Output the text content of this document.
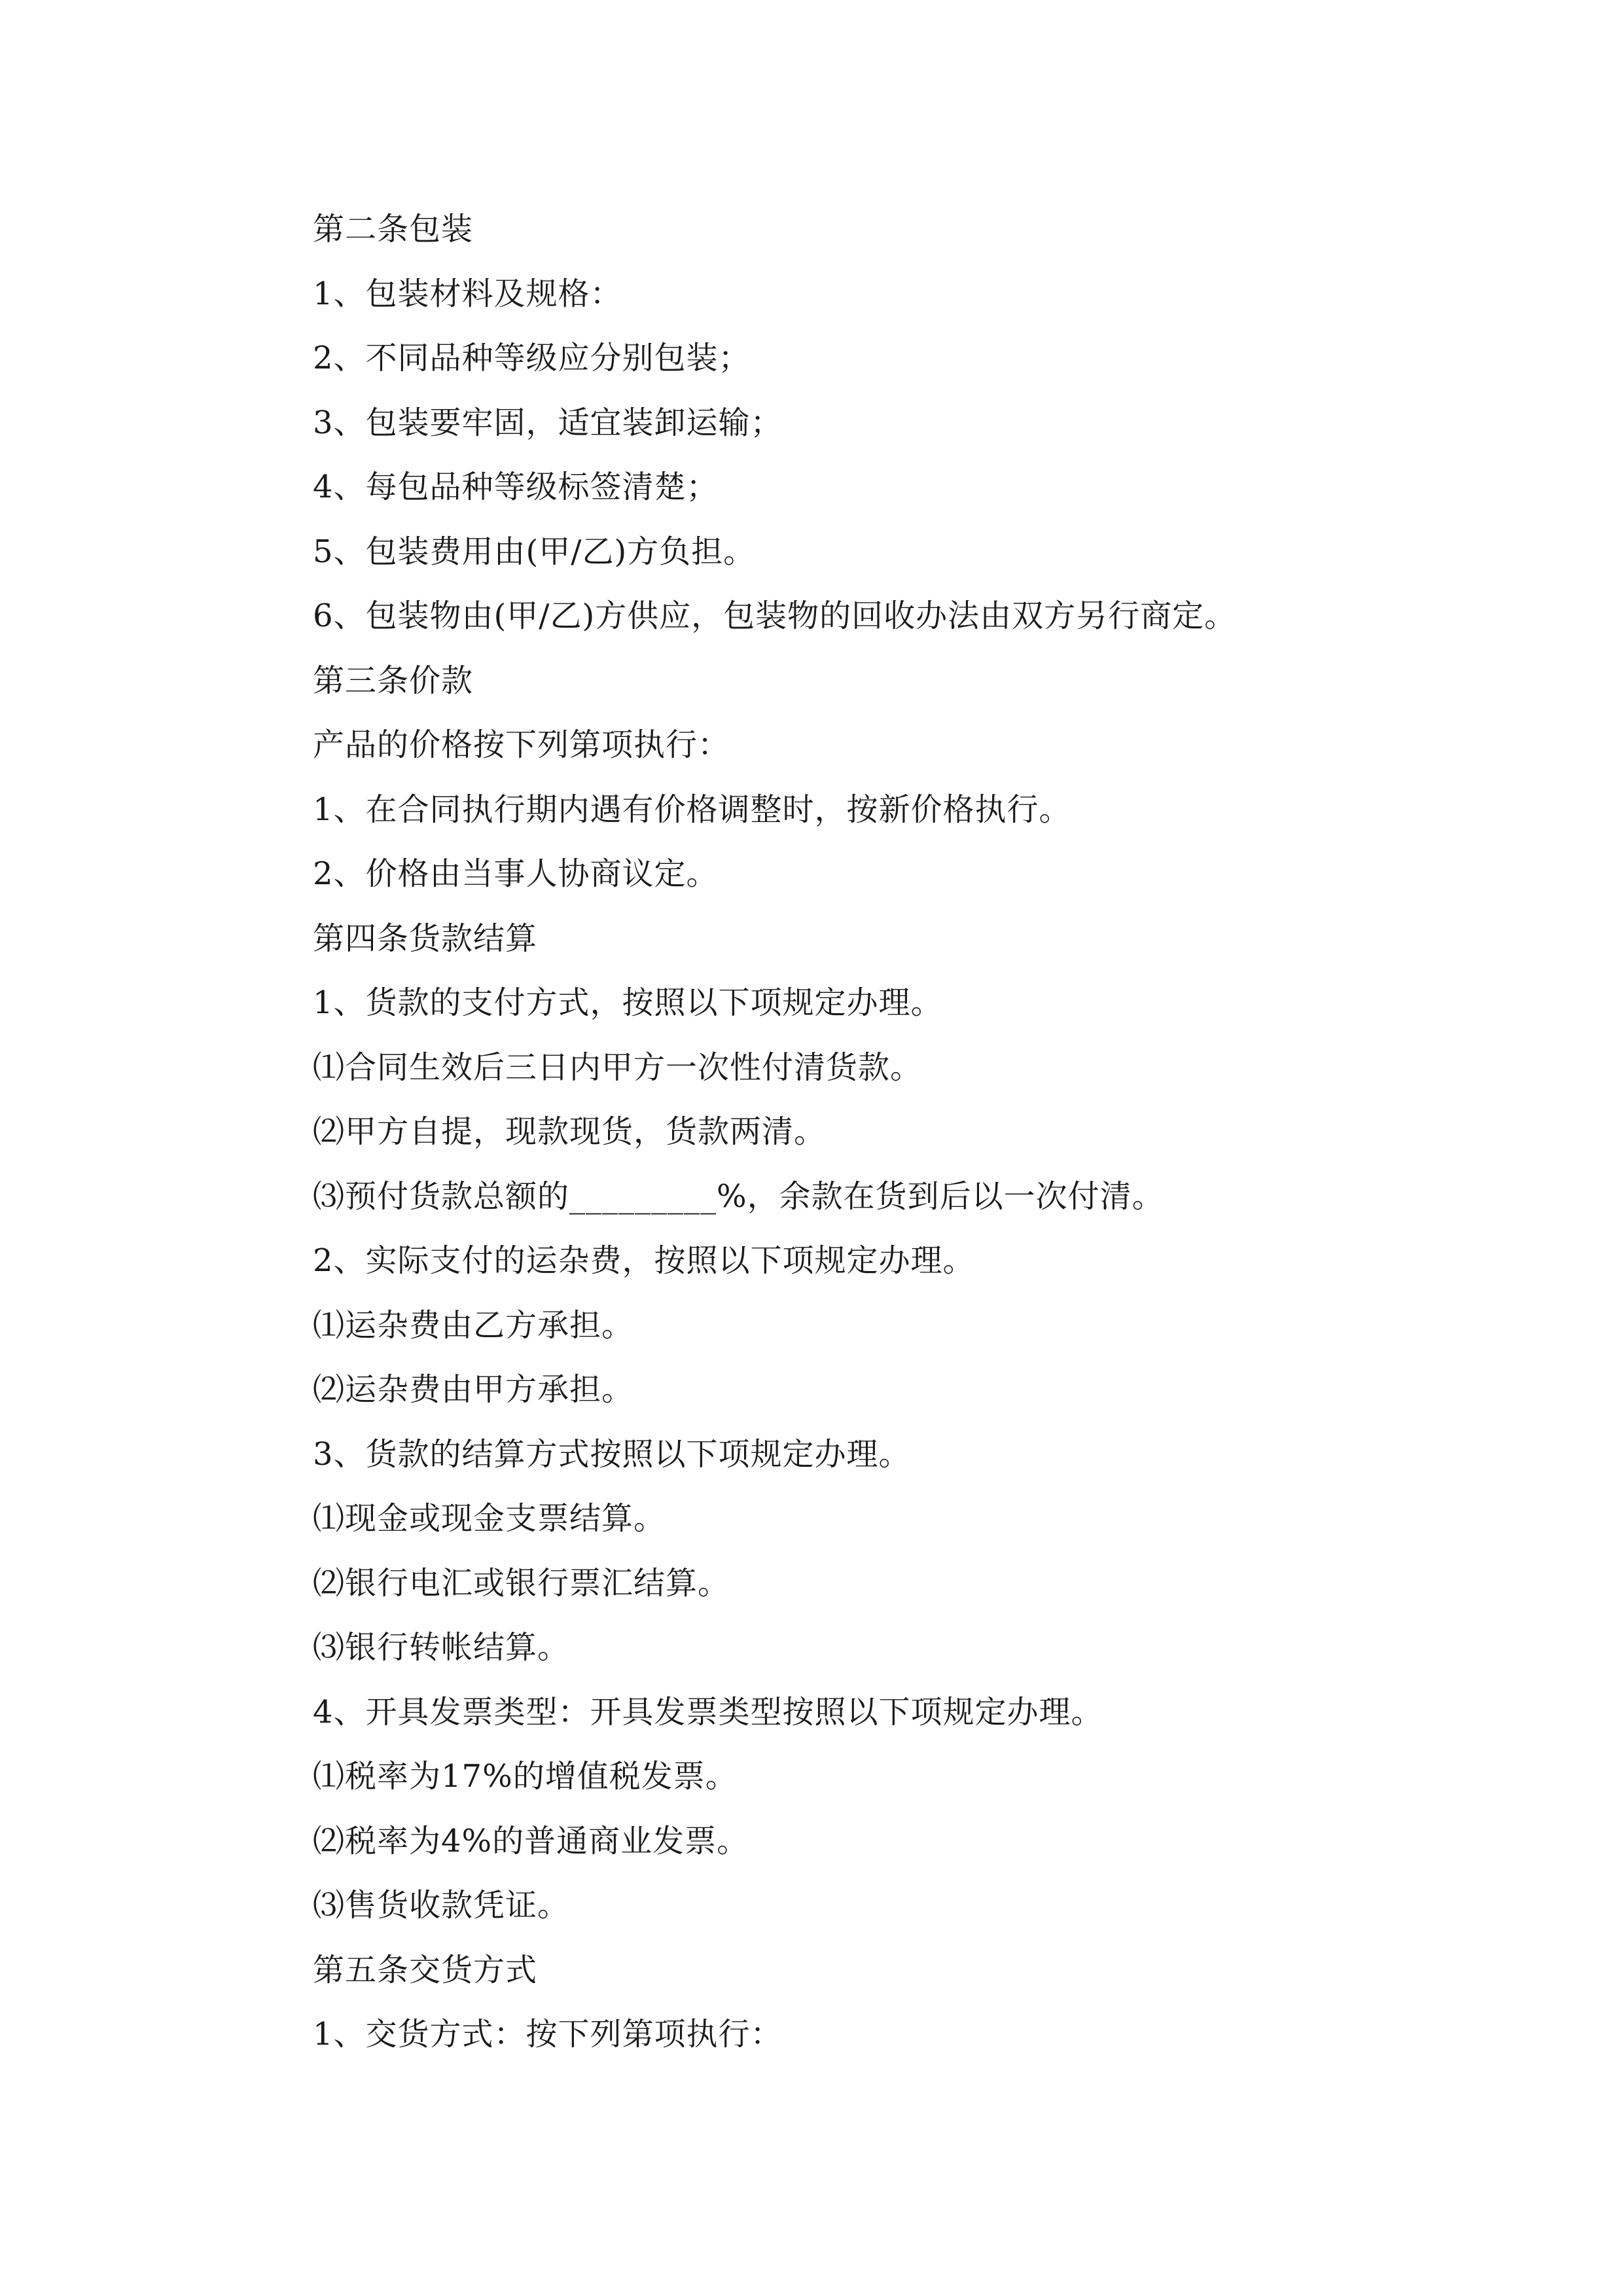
第二条包装
1、包装材料及规格：
2、不同品种等级应分别包装；
3、包装要牢固，适宜装卸运输；
4、每包品种等级标签清楚；
5、包装费用由(甲/乙)方负担。
6、包装物由(甲/乙)方供应，包装物的回收办法由双方另行商定。
第三条价款
产品的价格按下列第项执行：
1、在合同执行期内遇有价格调整时，按新价格执行。
2、价格由当事人协商议定。
第四条货款结算
1、货款的支付方式，按照以下项规定办理。
⑴合同生效后三日内甲方一次性付清货款。
⑵甲方自提，现款现货，货款两清。
⑶预付货款总额的_________%，余款在货到后以一次付清。
2、实际支付的运杂费，按照以下项规定办理。
⑴运杂费由乙方承担。
⑵运杂费由甲方承担。
3、货款的结算方式按照以下项规定办理。
⑴现金或现金支票结算。
⑵银行电汇或银行票汇结算。
⑶银行转帐结算。
4、开具发票类型：开具发票类型按照以下项规定办理。
⑴税率为17%的增值税发票。
⑵税率为4%的普通商业发票。
⑶售货收款凭证。
第五条交货方式
1、交货方式：按下列第项执行：
